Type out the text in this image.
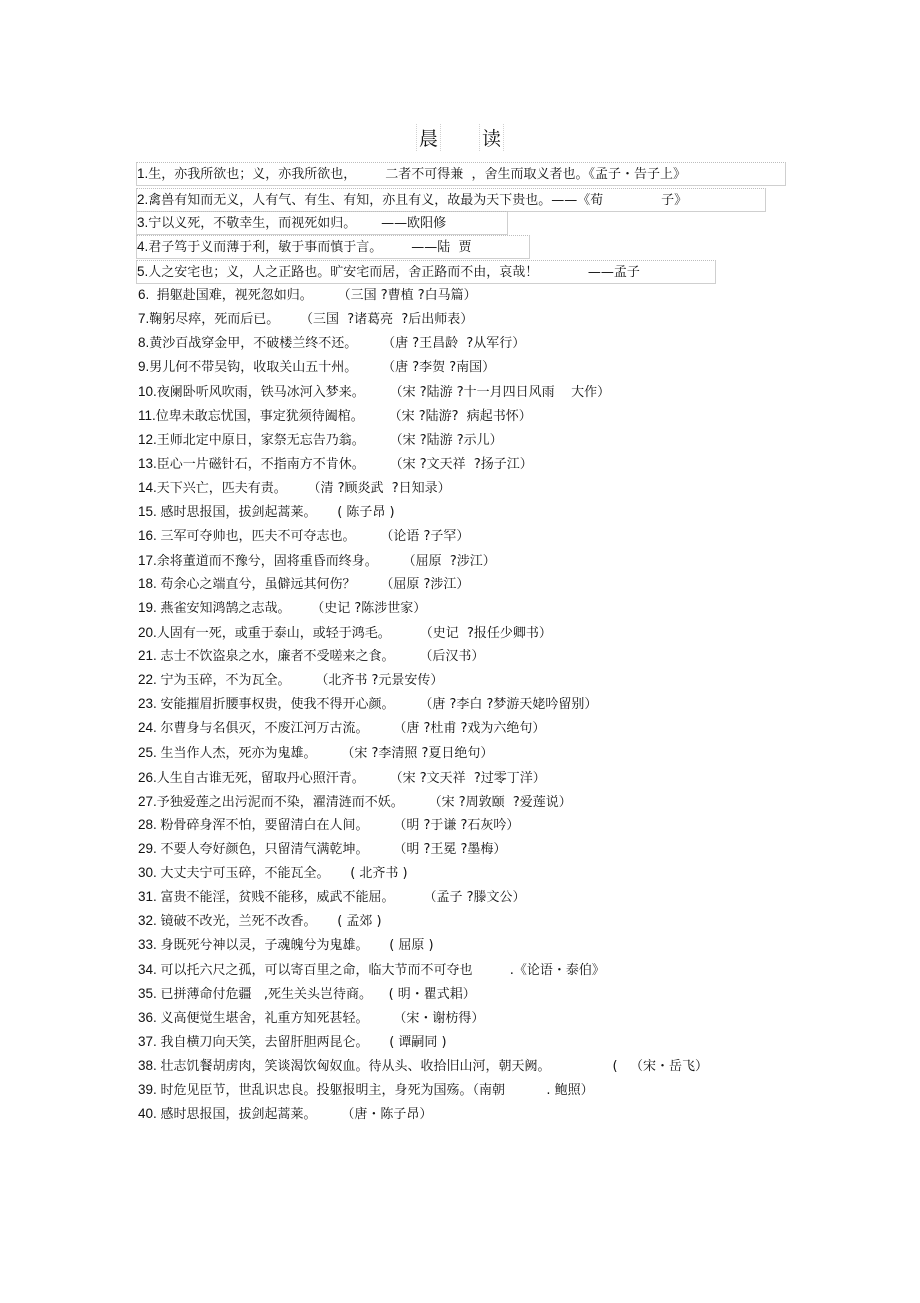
晨 读
1.生，亦我所欲也；义，亦我所欲也，       二者不可得兼  ，舍生而取义者也。《孟子・告子上》
2.禽兽有知而无义，人有气、有生、有知，亦且有义，故最为天下贵也。——《荀              子》
3.宁以义死，不敬幸生，而视死如归。      ——欧阳修
4.君子笃于义而薄于利，敏于事而慎于言。       ——陆  贾
5.人之安宅也；义，人之正路也。旷安宅而居，舍正路而不由，哀哉！            ——孟子
6.  捐躯赴国难，视死忽如归。      （三国 ?曹植 ?白马篇）
7.鞠躬尽瘁，死而后已。     （三国  ?诸葛亮  ?后出师表）
8.黄沙百战穿金甲，不破楼兰终不还。      （唐 ?王昌龄  ?从军行）
9.男儿何不带吴钩，收取关山五十州。      （唐 ?李贺 ?南国）
10.夜阑卧听风吹雨，铁马冰河入梦来。      （宋 ?陆游 ?十一月四日风雨    大作）
11.位卑未敢忘忧国，事定犹须待阖棺。      （宋 ?陆游?  病起书怀）
12.王师北定中原日，家祭无忘告乃翁。      （宋 ?陆游 ?示儿）
13.臣心一片磁针石，不指南方不肯休。      （宋 ?文天祥  ?扬子江）
14.天下兴亡，匹夫有责。     （清 ?顾炎武  ?日知录）
15. 感时思报国，拔剑起蒿莱。     ( 陈子昂 )
16. 三军可夺帅也，匹夫不可夺志也。      （论语 ?子罕）
17.余将董道而不豫兮，固将重昏而终身。      （屈原  ?涉江）
18. 苟余心之端直兮，虽僻远其何伤？      （屈原 ?涉江）
19. 燕雀安知鸿鹄之志哉。     （史记 ?陈涉世家）
20.人固有一死，或重于泰山，或轻于鸿毛。       （史记  ?报任少卿书）
21. 志士不饮盗泉之水，廉者不受嗟来之食。      （后汉书）
22. 宁为玉碎，不为瓦全。      （北齐书 ?元景安传）
23. 安能摧眉折腰事权贵，使我不得开心颜。      （唐 ?李白 ?梦游天姥吟留别）
24. 尔曹身与名俱灭，不废江河万古流。      （唐 ?杜甫 ?戏为六绝句）
25. 生当作人杰，死亦为鬼雄。      （宋 ?李清照 ?夏日绝句）
26.人生自古谁无死，留取丹心照汗青。      （宋 ?文天祥  ?过零丁洋）
27.予独爱莲之出污泥而不染，濯清涟而不妖。      （宋 ?周敦颐  ?爱莲说）
28. 粉骨碎身浑不怕，要留清白在人间。      （明 ?于谦 ?石灰吟）
29. 不要人夸好颜色，只留清气满乾坤。      （明 ?王冕 ?墨梅）
30. 大丈夫宁可玉碎，不能瓦全。     ( 北齐书 )
31. 富贵不能淫，贫贱不能移，威武不能屈。       （孟子 ?滕文公）
32. 镜破不改光，兰死不改香。     ( 孟郊 )
33. 身既死兮神以灵，子魂魄兮为鬼雄。     ( 屈原 )
34. 可以托六尺之孤，可以寄百里之命，临大节而不可夺也         .《论语・泰伯》
35. 已拼薄命付危疆   ,死生关头岂待商。    ( 明・瞿式耜）
36. 义高便觉生堪舍，礼重方知死甚轻。      （宋・谢枋得）
37. 我自横刀向天笑，去留肝胆两昆仑。     ( 谭嗣同 )
38. 壮志饥餐胡虏肉，笑谈渴饮匈奴血。待从头、收拾旧山河，朝天阙。               (   （宋・岳飞）
39. 时危见臣节，世乱识忠良。投躯报明主，身死为国殇。（南朝          . 鲍照）
40. 感时思报国，拔剑起蒿莱。      （唐・陈子昂）
